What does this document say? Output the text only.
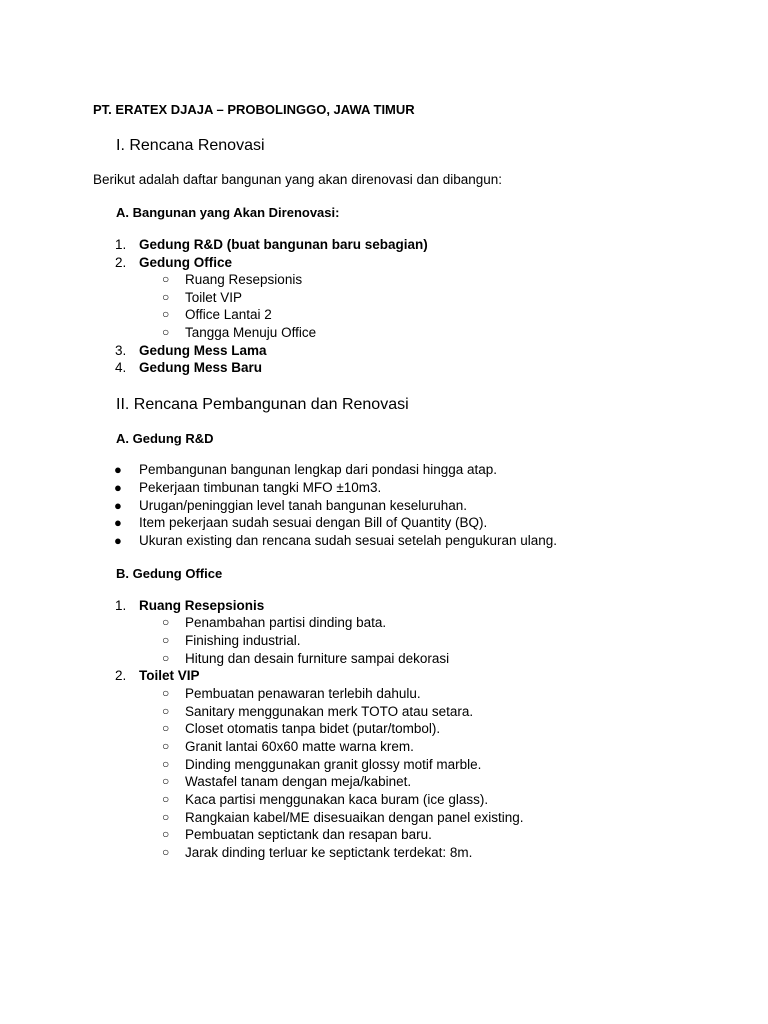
PT. ERATEX DJAJA – PROBOLINGGO, JAWA TIMUR
I. Rencana Renovasi
Berikut adalah daftar bangunan yang akan direnovasi dan dibangun:
A. Bangunan yang Akan Direnovasi:
1. Gedung R&D (buat bangunan baru sebagian)
2. Gedung Office
○ Ruang Resepsionis
○ Toilet VIP
○ Office Lantai 2
○ Tangga Menuju Office
3. Gedung Mess Lama
4. Gedung Mess Baru
II. Rencana Pembangunan dan Renovasi
A. Gedung R&D
● Pembangunan bangunan lengkap dari pondasi hingga atap.
● Pekerjaan timbunan tangki MFO ±10m3.
● Urugan/peninggian level tanah bangunan keseluruhan.
● Item pekerjaan sudah sesuai dengan Bill of Quantity (BQ).
● Ukuran existing dan rencana sudah sesuai setelah pengukuran ulang.
B. Gedung Office
1. Ruang Resepsionis
○ Penambahan partisi dinding bata.
○ Finishing industrial.
○ Hitung dan desain furniture sampai dekorasi
2. Toilet VIP
○ Pembuatan penawaran terlebih dahulu.
○ Sanitary menggunakan merk TOTO atau setara.
○ Closet otomatis tanpa bidet (putar/tombol).
○ Granit lantai 60x60 matte warna krem.
○ Dinding menggunakan granit glossy motif marble.
○ Wastafel tanam dengan meja/kabinet.
○ Kaca partisi menggunakan kaca buram (ice glass).
○ Rangkaian kabel/ME disesuaikan dengan panel existing.
○ Pembuatan septictank dan resapan baru.
○ Jarak dinding terluar ke septictank terdekat: 8m.
